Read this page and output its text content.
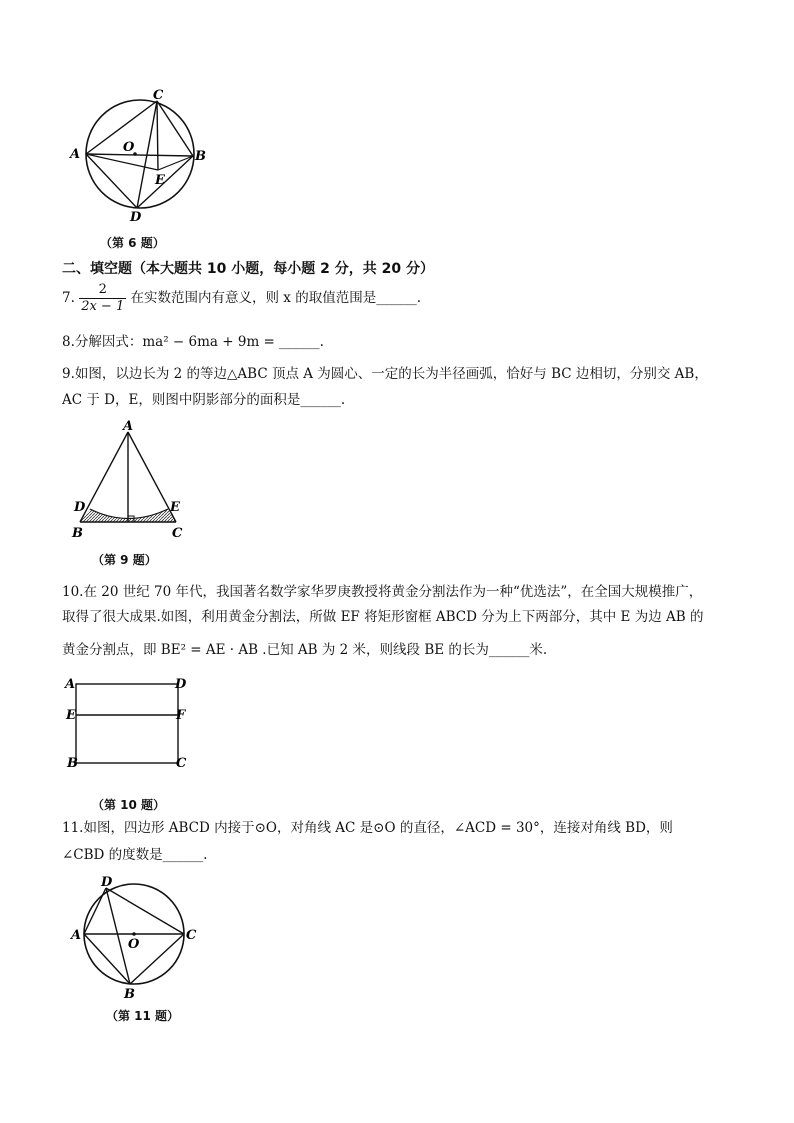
A	B
C
D
E
O
（第 6 题）
二、填空题（本大题共 10 小题，每小题 2 分，共 20 分）
7. $\frac{2}{2x - 1}$ 在实数范围内有意义，则 x 的取值范围是______.
8.分解因式：ma² − 6ma + 9m = ______.
9.如图，以边长为 2 的等边△ABC 顶点 A 为圆心、一定的长为半径画弧，恰好与 BC 边相切，分别交 AB，
AC 于 D，E，则图中阴影部分的面积是______.
A
B	C
D	E
（第 9 题）
10.在 20 世纪 70 年代，我国著名数学家华罗庚教授将黄金分割法作为一种“优选法”，在全国大规模推广，
取得了很大成果.如图，利用黄金分割法，所做 EF 将矩形窗框 ABCD 分为上下两部分，其中 E 为边 AB 的
黄金分割点，即 BE² = AE · AB .已知 AB 为 2 米，则线段 BE 的长为______米.
A
B	C
D
E	F
（第 10 题）
11.如图，四边形 ABCD 内接于⊙O，对角线 AC 是⊙O 的直径，∠ACD = 30°，连接对角线 BD，则
∠CBD 的度数是______.
A	C
D
B
O
（第 11 题）
